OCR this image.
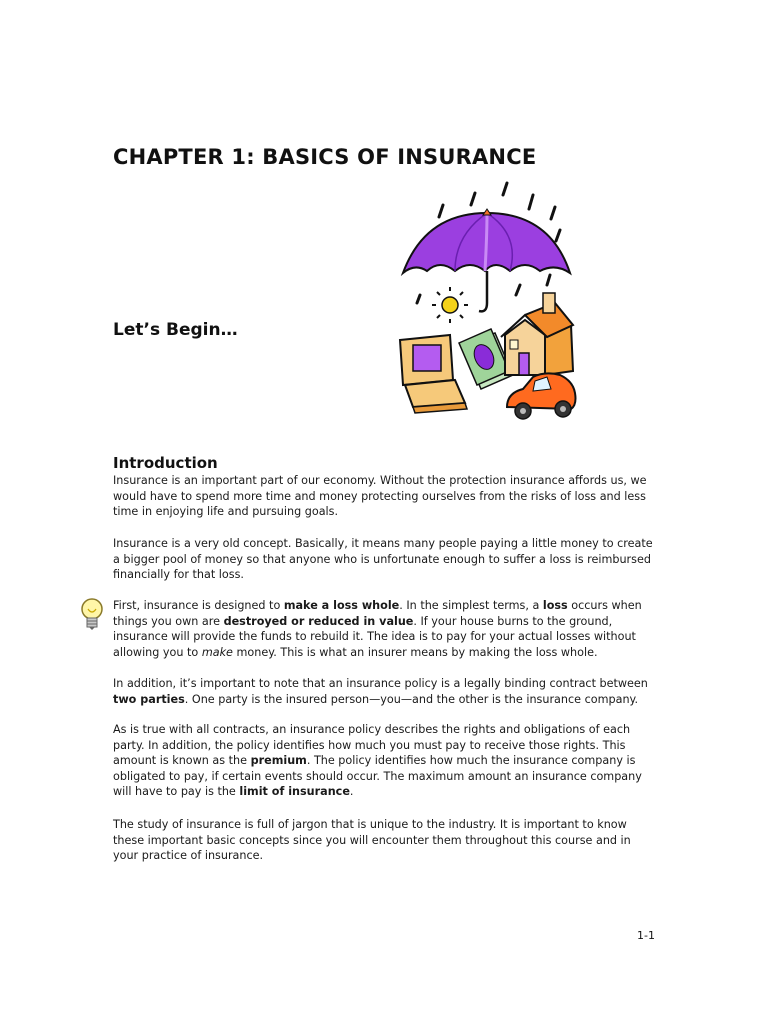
CHAPTER 1: BASICS OF INSURANCE
Let’s Begin…
Introduction
Insurance is an important part of our economy. Without the protection insurance affords us, we would have to spend more time and money protecting ourselves from the risks of loss and less time in enjoying life and pursuing goals.
Insurance is a very old concept. Basically, it means many people paying a little money to create a bigger pool of money so that anyone who is unfortunate enough to suffer a loss is reimbursed financially for that loss.
First, insurance is designed to make a loss whole. In the simplest terms, a loss occurs when things you own are destroyed or reduced in value. If your house burns to the ground, insurance will provide the funds to rebuild it. The idea is to pay for your actual losses without allowing you to make money. This is what an insurer means by making the loss whole.
In addition, it’s important to note that an insurance policy is a legally binding contract between two parties. One party is the insured person—you—and the other is the insurance company.
As is true with all contracts, an insurance policy describes the rights and obligations of each party. In addition, the policy identifies how much you must pay to receive those rights. This amount is known as the premium. The policy identifies how much the insurance company is obligated to pay, if certain events should occur. The maximum amount an insurance company will have to pay is the limit of insurance.
The study of insurance is full of jargon that is unique to the industry. It is important to know these important basic concepts since you will encounter them throughout this course and in your practice of insurance.
1-1
